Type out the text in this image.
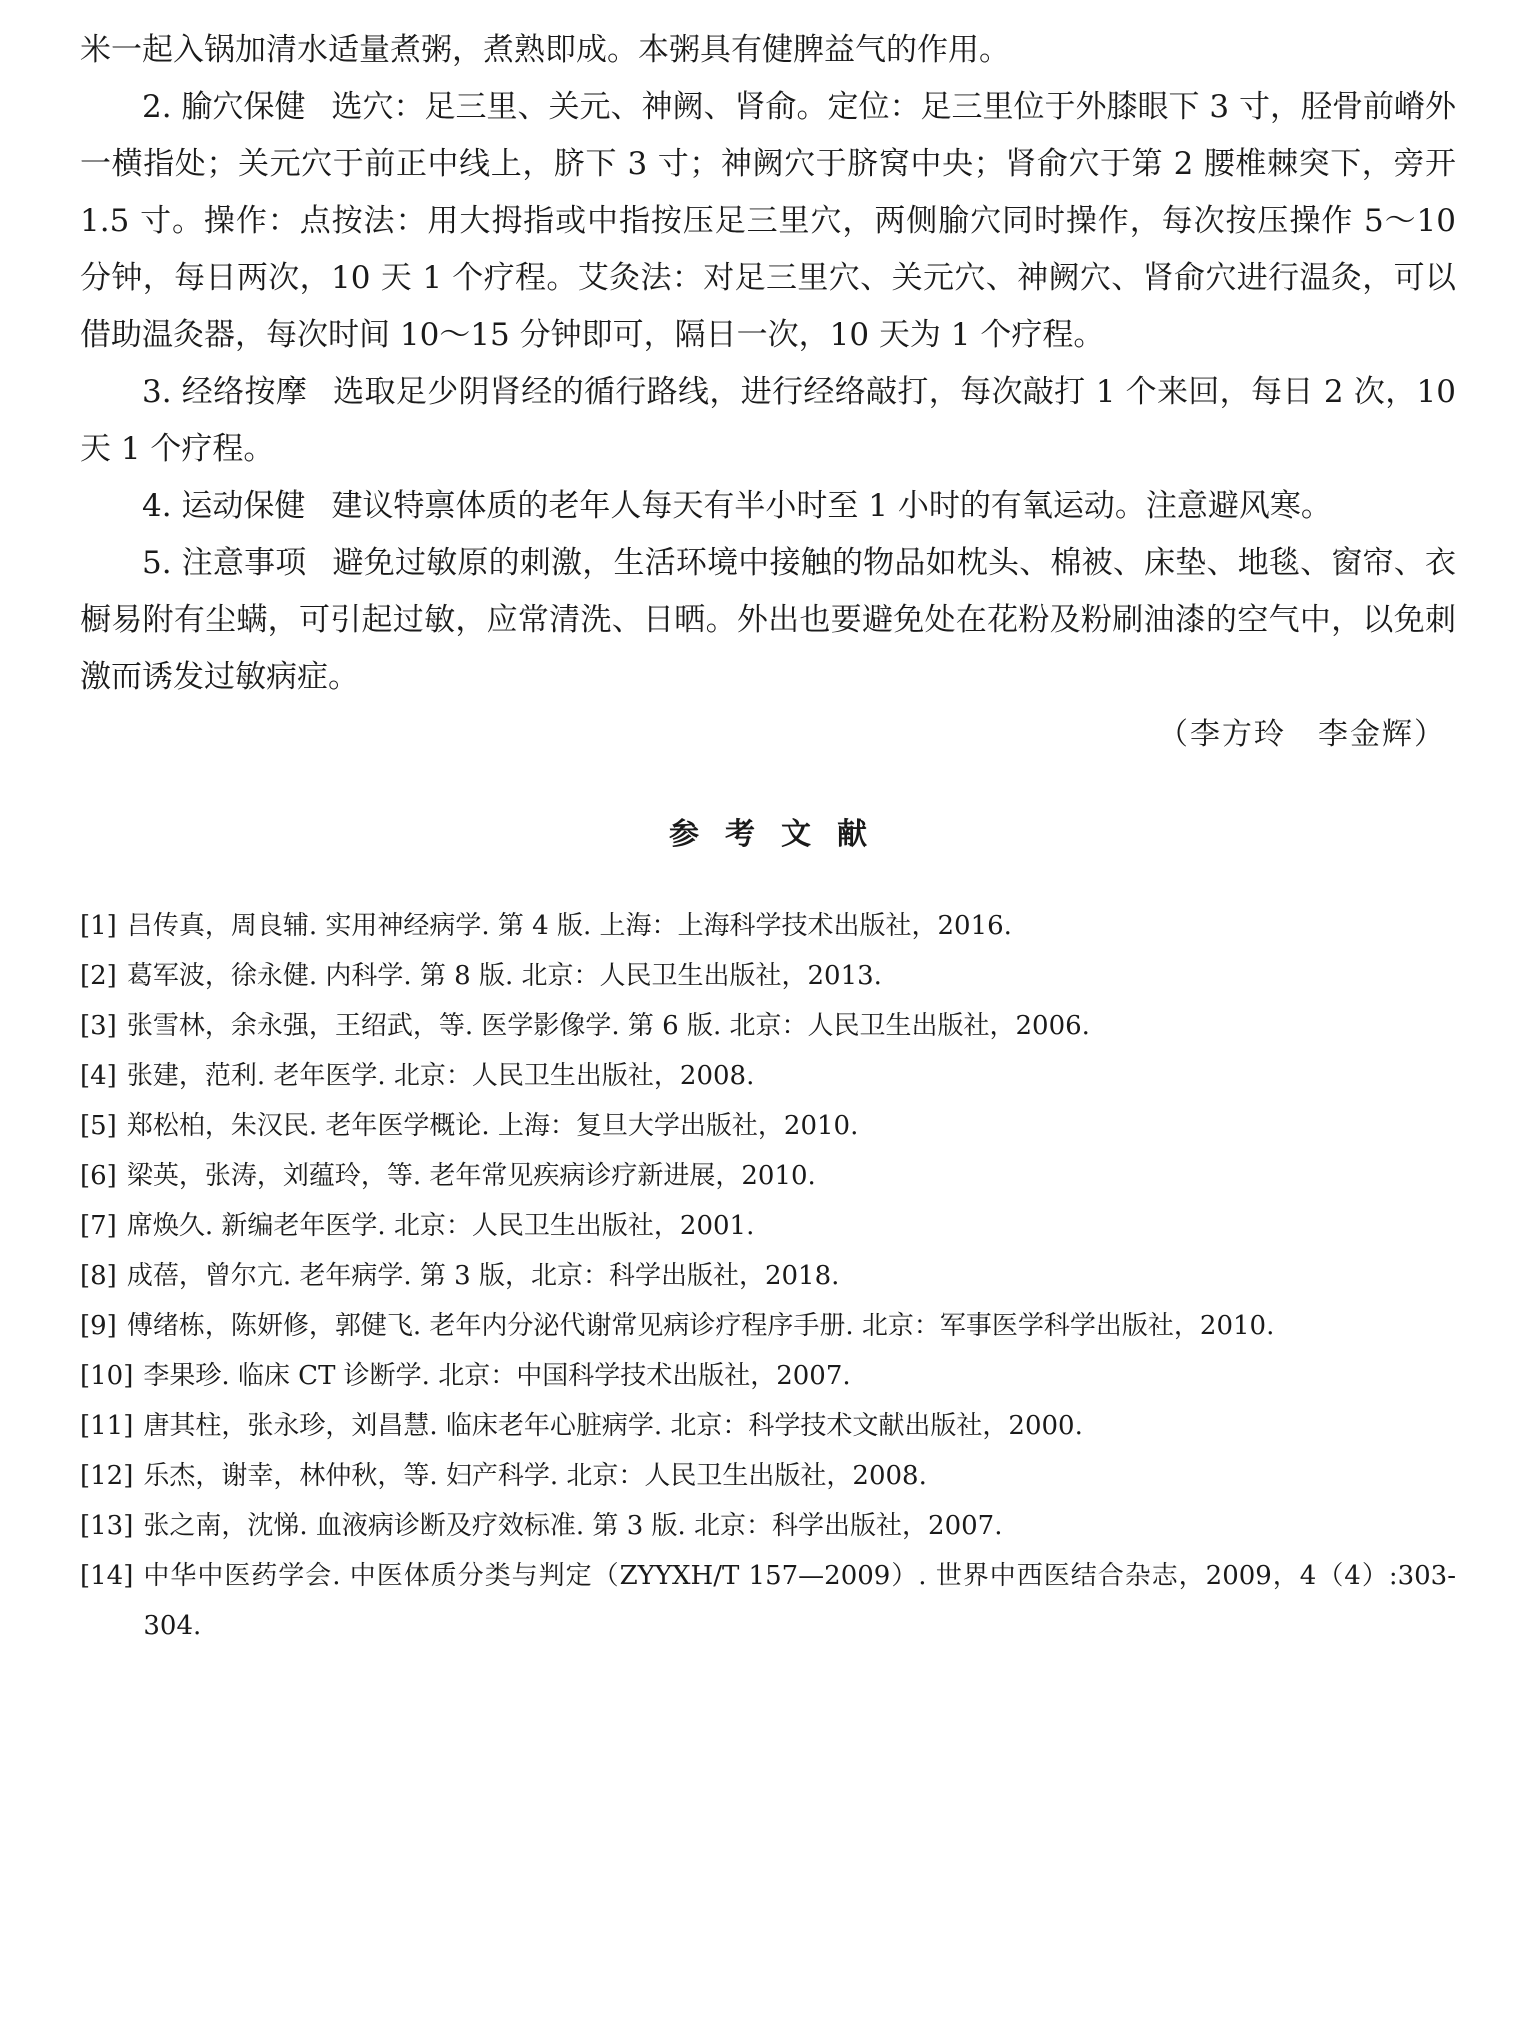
米一起入锅加清水适量煮粥，煮熟即成。本粥具有健脾益气的作用。

2. 腧穴保健 选穴：足三里、关元、神阙、肾俞。定位：足三里位于外膝眼下 3 寸，胫骨前嵴外一横指处；关元穴于前正中线上，脐下 3 寸；神阙穴于脐窝中央；肾俞穴于第 2 腰椎棘突下，旁开 1.5 寸。操作：点按法：用大拇指或中指按压足三里穴，两侧腧穴同时操作，每次按压操作 5～10 分钟，每日两次，10 天 1 个疗程。艾灸法：对足三里穴、关元穴、神阙穴、肾俞穴进行温灸，可以借助温灸器，每次时间 10～15 分钟即可，隔日一次，10 天为 1 个疗程。

3. 经络按摩 选取足少阴肾经的循行路线，进行经络敲打，每次敲打 1 个来回，每日 2 次，10 天 1 个疗程。

4. 运动保健 建议特禀体质的老年人每天有半小时至 1 小时的有氧运动。注意避风寒。

5. 注意事项 避免过敏原的刺激，生活环境中接触的物品如枕头、棉被、床垫、地毯、窗帘、衣橱易附有尘螨，可引起过敏，应常清洗、日晒。外出也要避免处在花粉及粉刷油漆的空气中，以免刺激而诱发过敏病症。

（李方玲　李金辉）

参考文献
[1] 吕传真，周良辅. 实用神经病学. 第 4 版. 上海：上海科学技术出版社，2016.
[2] 葛军波，徐永健. 内科学. 第 8 版. 北京：人民卫生出版社，2013.
[3] 张雪林，余永强，王绍武，等. 医学影像学. 第 6 版. 北京：人民卫生出版社，2006.
[4] 张建，范利. 老年医学. 北京：人民卫生出版社，2008.
[5] 郑松柏，朱汉民. 老年医学概论. 上海：复旦大学出版社，2010.
[6] 梁英，张涛，刘蕴玲，等. 老年常见疾病诊疗新进展，2010.
[7] 席焕久. 新编老年医学. 北京：人民卫生出版社，2001.
[8] 成蓓，曾尔亢. 老年病学. 第 3 版，北京：科学出版社，2018.
[9] 傅绪栋，陈妍修，郭健飞. 老年内分泌代谢常见病诊疗程序手册. 北京：军事医学科学出版社，2010.
[10] 李果珍. 临床 CT 诊断学. 北京：中国科学技术出版社，2007.
[11] 唐其柱，张永珍，刘昌慧. 临床老年心脏病学. 北京：科学技术文献出版社，2000.
[12] 乐杰，谢幸，林仲秋，等. 妇产科学. 北京：人民卫生出版社，2008.
[13] 张之南，沈悌. 血液病诊断及疗效标准. 第 3 版. 北京：科学出版社，2007.
[14] 中华中医药学会. 中医体质分类与判定（ZYYXH/T 157—2009）. 世界中西医结合杂志，2009，4（4）:303-304.
